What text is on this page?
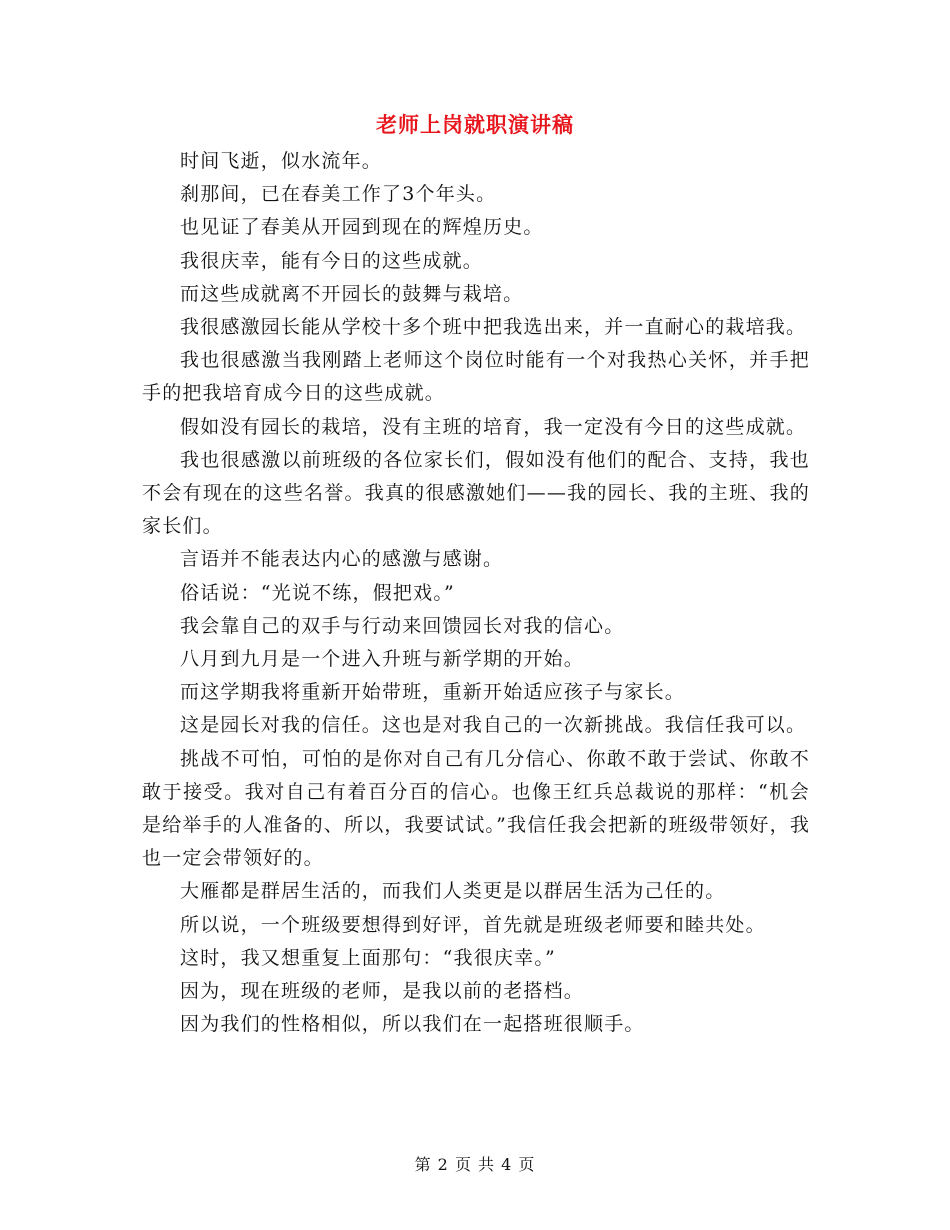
老师上岗就职演讲稿

时间飞逝，似水流年。

刹那间，已在春美工作了3个年头。

也见证了春美从开园到现在的辉煌历史。

我很庆幸，能有今日的这些成就。

而这些成就离不开园长的鼓舞与栽培。

我很感激园长能从学校十多个班中把我选出来，并一直耐心的栽培我。

我也很感激当我刚踏上老师这个岗位时能有一个对我热心关怀，并手把手的把我培育成今日的这些成就。

假如没有园长的栽培，没有主班的培育，我一定没有今日的这些成就。

我也很感激以前班级的各位家长们，假如没有他们的配合、支持，我也不会有现在的这些名誉。我真的很感激她们——我的园长、我的主班、我的家长们。

言语并不能表达内心的感激与感谢。

俗话说：“光说不练，假把戏。”

我会靠自己的双手与行动来回馈园长对我的信心。

八月到九月是一个进入升班与新学期的开始。

而这学期我将重新开始带班，重新开始适应孩子与家长。

这是园长对我的信任。这也是对我自己的一次新挑战。我信任我可以。

挑战不可怕，可怕的是你对自己有几分信心、你敢不敢于尝试、你敢不敢于接受。我对自己有着百分百的信心。也像王红兵总裁说的那样：“机会是给举手的人准备的、所以，我要试试。”我信任我会把新的班级带领好，我也一定会带领好的。

大雁都是群居生活的，而我们人类更是以群居生活为己任的。

所以说，一个班级要想得到好评，首先就是班级老师要和睦共处。

这时，我又想重复上面那句：“我很庆幸。”

因为，现在班级的老师，是我以前的老搭档。

因为我们的性格相似，所以我们在一起搭班很顺手。

第 2 页 共 4 页
